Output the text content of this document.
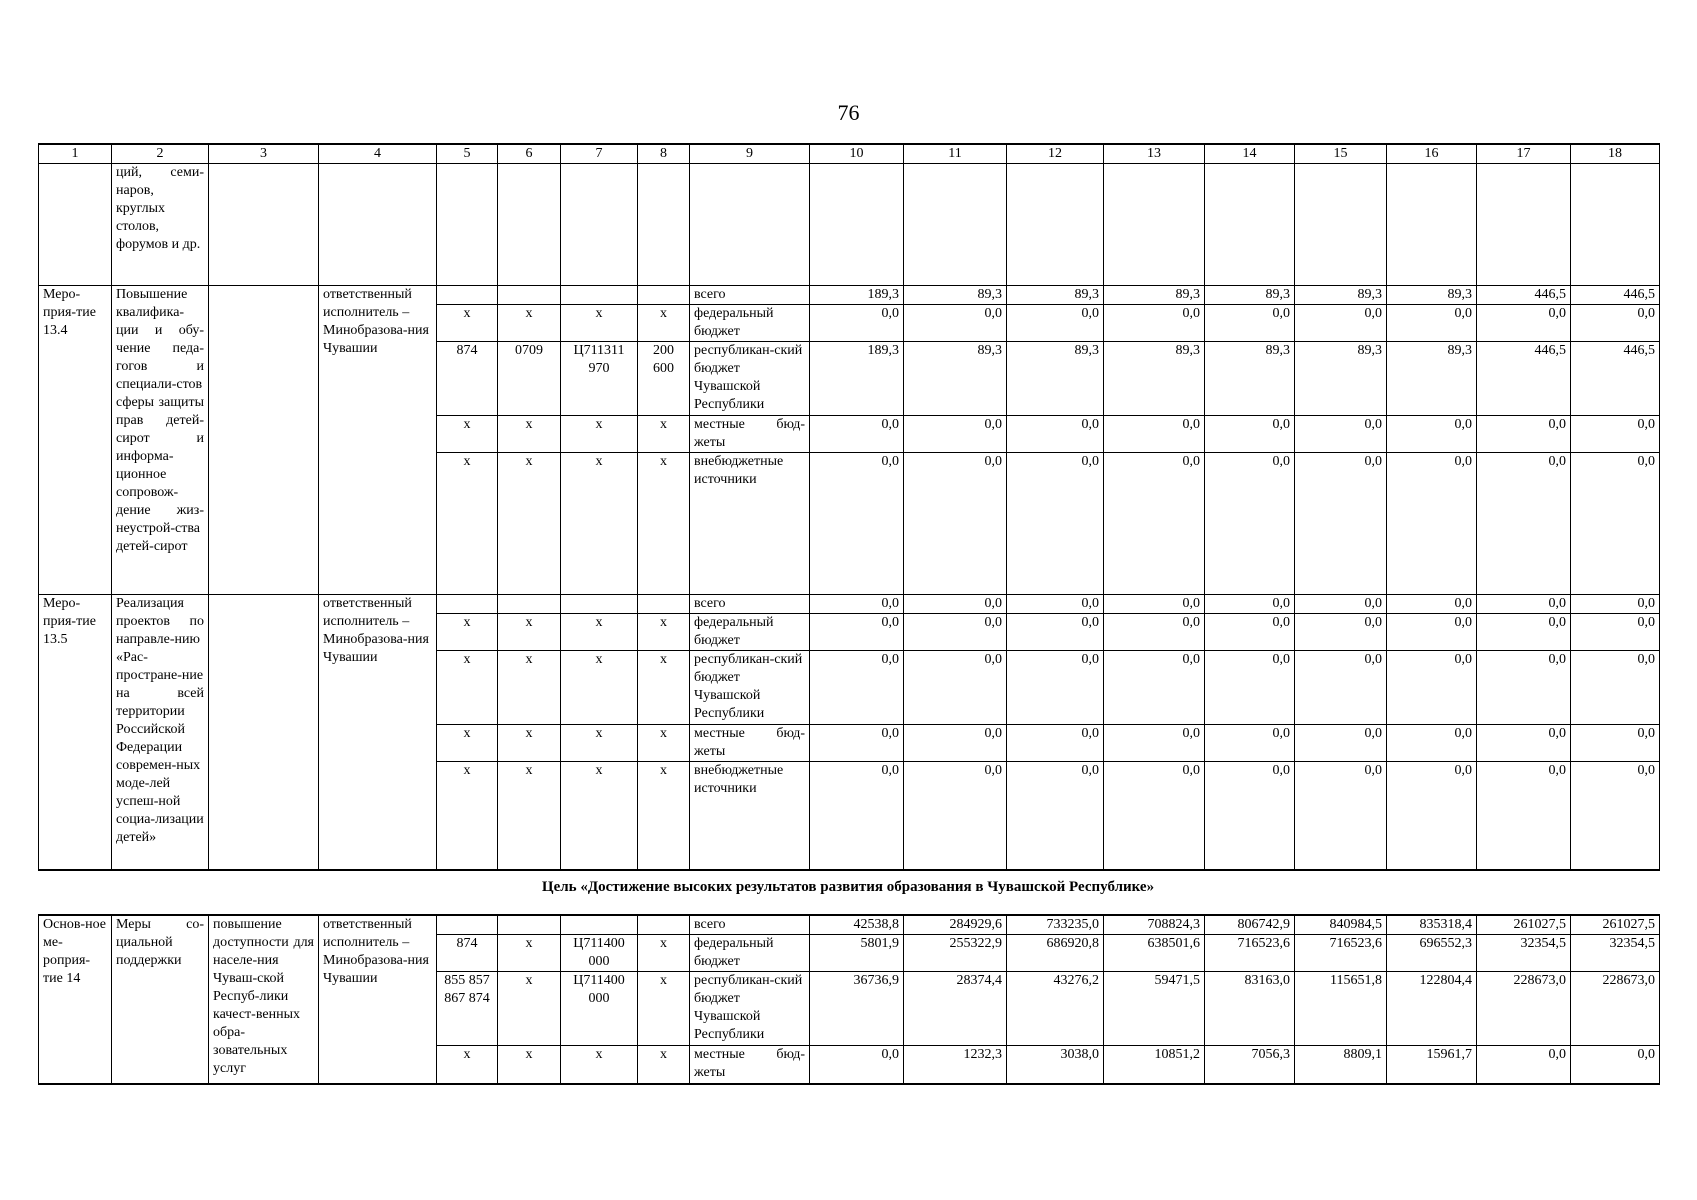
76
1	2	3	4	5	6	7	8	9	10	11	12	13	14	15	16	17	18
	ций, семи-наров, круглых столов, форумов и др.																
Меро-прия-тие 13.4	Повышение квалифика-ции и обу-чение педа-гогов и специали-стов сферы защиты прав детей-сирот и информа-ционное сопровож-дение жиз-неустрой-ства детей-сирот		ответственный исполнитель – Минобразова-ния Чувашии					всего	189,3	89,3	89,3	89,3	89,3	89,3	89,3	446,5	446,5
				x	x	x	x	федеральный бюджет	0,0	0,0	0,0	0,0	0,0	0,0	0,0	0,0	0,0
				874	0709	Ц711311 970	200 600	республикан-ский бюджет Чувашской Республики	189,3	89,3	89,3	89,3	89,3	89,3	89,3	446,5	446,5
				x	x	x	x	местные бюд-жеты	0,0	0,0	0,0	0,0	0,0	0,0	0,0	0,0	0,0
				x	x	x	x	внебюджетные источники	0,0	0,0	0,0	0,0	0,0	0,0	0,0	0,0	0,0
Меро-прия-тие 13.5	Реализация проектов по направле-нию «Рас-простране-ние на всей территории Российской Федерации современ-ных моде-лей успеш-ной социа-лизации детей»		ответственный исполнитель – Минобразова-ния Чувашии					всего	0,0	0,0	0,0	0,0	0,0	0,0	0,0	0,0	0,0
				x	x	x	x	федеральный бюджет	0,0	0,0	0,0	0,0	0,0	0,0	0,0	0,0	0,0
				x	x	x	x	республикан-ский бюджет Чувашской Республики	0,0	0,0	0,0	0,0	0,0	0,0	0,0	0,0	0,0
				x	x	x	x	местные бюд-жеты	0,0	0,0	0,0	0,0	0,0	0,0	0,0	0,0	0,0
				x	x	x	x	внебюджетные источники	0,0	0,0	0,0	0,0	0,0	0,0	0,0	0,0	0,0
Цель «Достижение высоких результатов развития образования в Чувашской Республике»
Основ-ное ме-роприя-тие 14	Меры со-циальной поддержки	повышение доступности для населе-ния Чуваш-ской Респуб-лики качест-венных обра-зовательных услуг	ответственный исполнитель – Минобразова-ния Чувашии					всего	42538,8	284929,6	733235,0	708824,3	806742,9	840984,5	835318,4	261027,5	261027,5
				874	x	Ц711400 000	x	федеральный бюджет	5801,9	255322,9	686920,8	638501,6	716523,6	716523,6	696552,3	32354,5	32354,5
				855 857 867 874	x	Ц711400 000	x	республикан-ский бюджет Чувашской Республики	36736,9	28374,4	43276,2	59471,5	83163,0	115651,8	122804,4	228673,0	228673,0
				x	x	x	x	местные бюд-жеты	0,0	1232,3	3038,0	10851,2	7056,3	8809,1	15961,7	0,0	0,0
